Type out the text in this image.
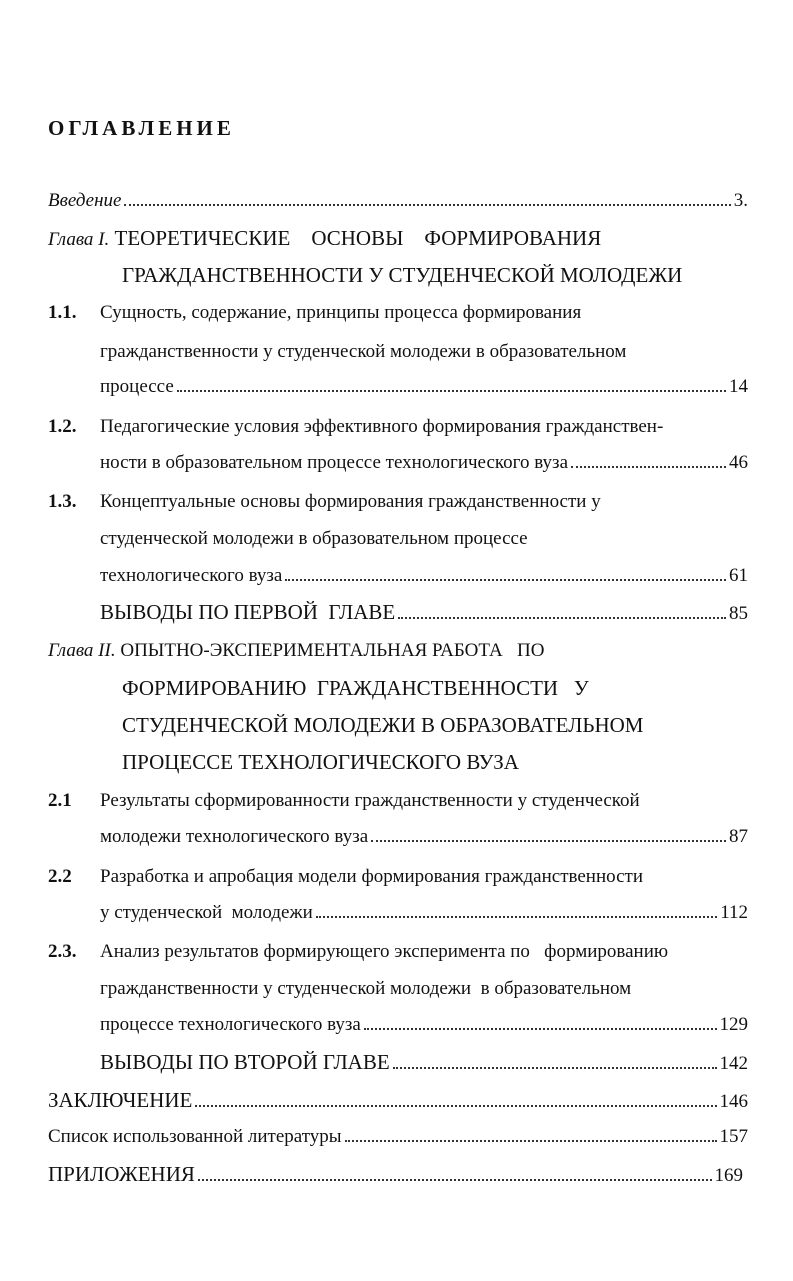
ОГЛАВЛЕНИЕ
Введение	3.
Глава I. ТЕОРЕТИЧЕСКИЕ    ОСНОВЫ    ФОРМИРОВАНИЯ
ГРАЖДАНСТВЕННОСТИ У СТУДЕНЧЕСКОЙ МОЛОДЕЖИ
1.1. Сущность, содержание, принципы процесса формирования
гражданственности у студенческой молодежи в образовательном
процессе	14
1.2. Педагогические условия эффективного формирования гражданствен-
ности в образовательном процессе технологического вуза	46
1.3. Концептуальные основы формирования гражданственности у
студенческой молодежи в образовательном процессе
технологического вуза	61
ВЫВОДЫ ПО ПЕРВОЙ  ГЛАВЕ	85
Глава II. ОПЫТНО-ЭКСПЕРИМЕНТАЛЬНАЯ РАБОТА   ПО
ФОРМИРОВАНИЮ  ГРАЖДАНСТВЕННОСТИ   У
СТУДЕНЧЕСКОЙ МОЛОДЕЖИ В ОБРАЗОВАТЕЛЬНОМ
ПРОЦЕССЕ ТЕХНОЛОГИЧЕСКОГО ВУЗА
2.1 Результаты сформированности гражданственности у студенческой
молодежи технологического вуза	87
2.2 Разработка и апробация модели формирования гражданственности
у студенческой  молодежи	112
2.3. Анализ результатов формирующего эксперимента по   формированию
гражданственности у студенческой молодежи  в образовательном
процессе технологического вуза	129
ВЫВОДЫ ПО ВТОРОЙ ГЛАВЕ	142
ЗАКЛЮЧЕНИЕ	146
Список использованной литературы	157
ПРИЛОЖЕНИЯ	169
